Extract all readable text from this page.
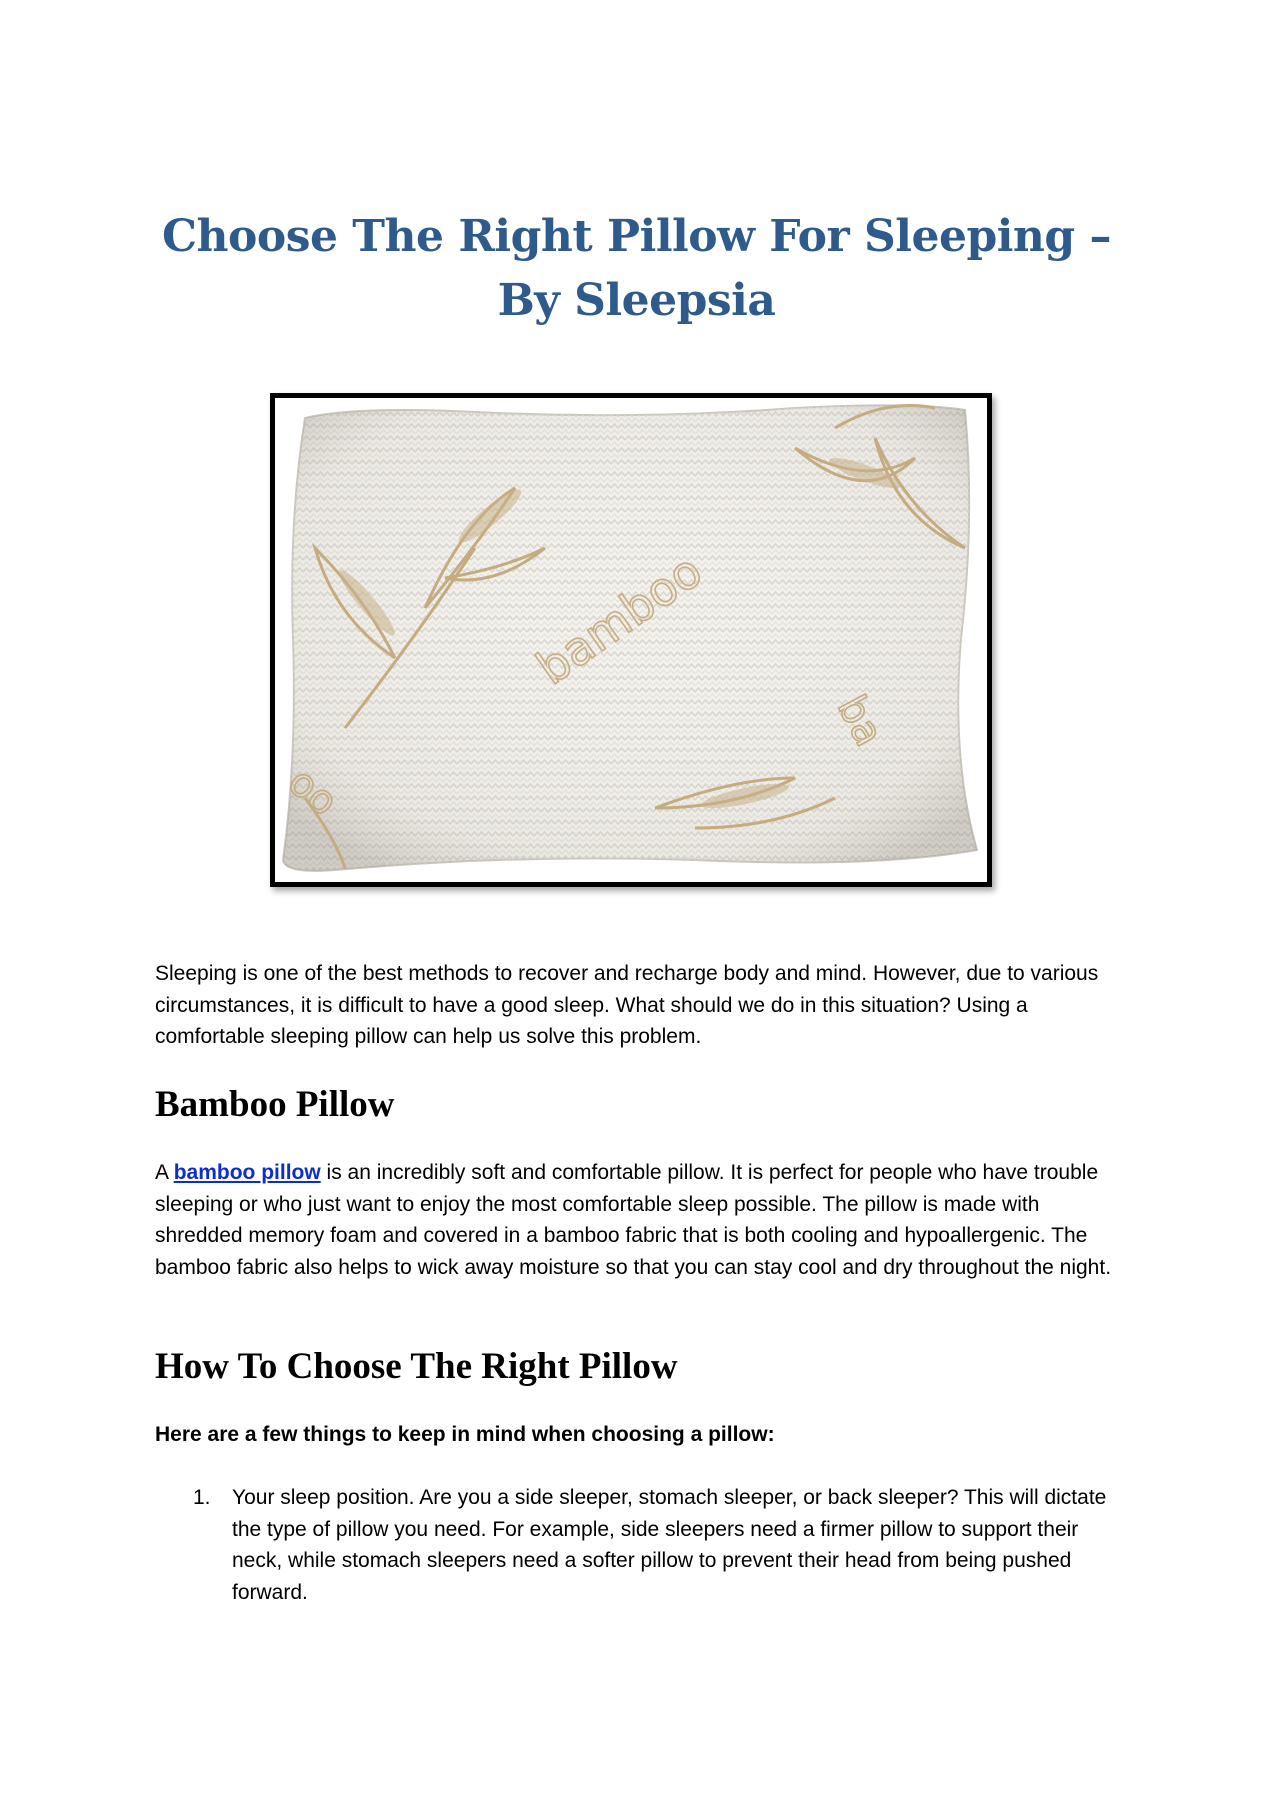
Choose The Right Pillow For Sleeping – By Sleepsia
bamboo
ba
oo

Sleeping is one of the best methods to recover and recharge body and mind. However, due to various circumstances, it is difficult to have a good sleep. What should we do in this situation? Using a comfortable sleeping pillow can help us solve this problem.

Bamboo Pillow

A bamboo pillow is an incredibly soft and comfortable pillow. It is perfect for people who have trouble sleeping or who just want to enjoy the most comfortable sleep possible. The pillow is made with shredded memory foam and covered in a bamboo fabric that is both cooling and hypoallergenic. The bamboo fabric also helps to wick away moisture so that you can stay cool and dry throughout the night.

How To Choose The Right Pillow

Here are a few things to keep in mind when choosing a pillow:

1. Your sleep position. Are you a side sleeper, stomach sleeper, or back sleeper? This will dictate the type of pillow you need. For example, side sleepers need a firmer pillow to support their neck, while stomach sleepers need a softer pillow to prevent their head from being pushed forward.
